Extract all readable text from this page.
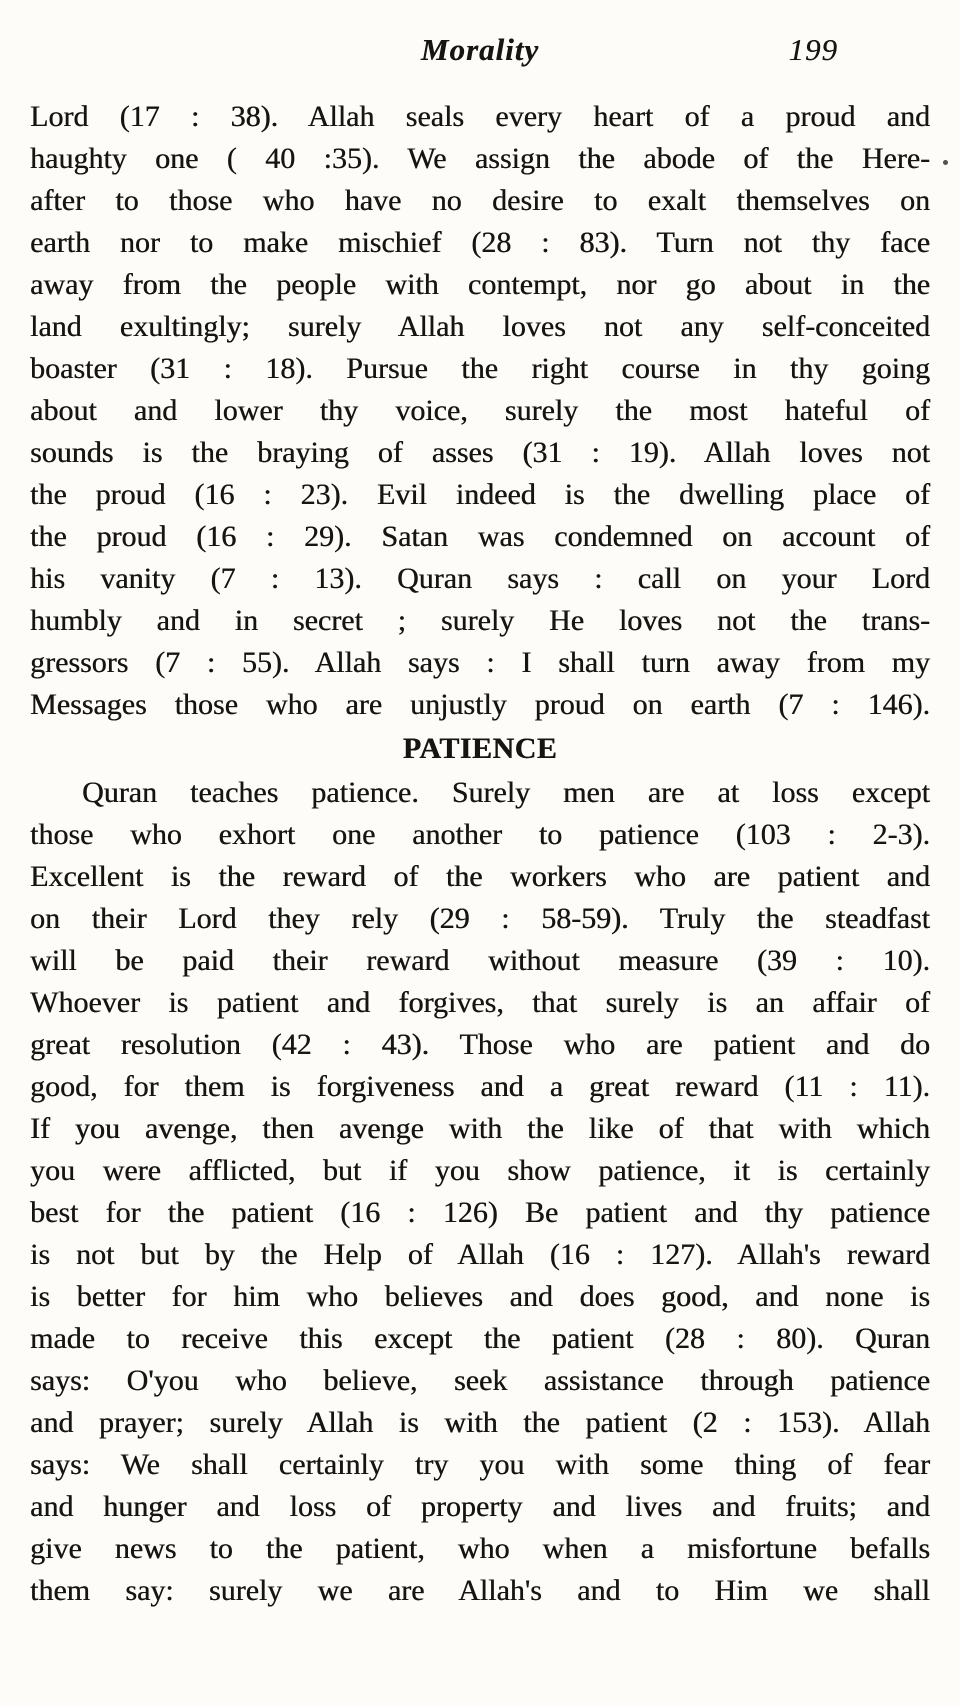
Morality	199
Lord (17 : 38). Allah seals every heart of a proud and
haughty one ( 40 :35). We assign the abode of the Here-
after to those who have no desire to exalt themselves on
earth nor to make mischief (28 : 83). Turn not thy face
away from the people with contempt, nor go about in the
land exultingly; surely Allah loves not any self-conceited
boaster (31 : 18). Pursue the right course in thy going
about and lower thy voice, surely the most hateful of
sounds is the braying of asses (31 : 19). Allah loves not
the proud (16 : 23). Evil indeed is the dwelling place of
the proud (16 : 29). Satan was condemned on account of
his vanity (7 : 13). Quran says : call on your Lord
humbly and in secret ; surely He loves not the trans-
gressors (7 : 55). Allah says : I shall turn away from my
Messages those who are unjustly proud on earth (7 : 146).
PATIENCE
Quran teaches patience. Surely men are at loss except
those who exhort one another to patience (103 : 2-3).
Excellent is the reward of the workers who are patient and
on their Lord they rely (29 : 58-59). Truly the steadfast
will be paid their reward without measure (39 : 10).
Whoever is patient and forgives, that surely is an affair of
great resolution (42 : 43). Those who are patient and do
good, for them is forgiveness and a great reward (11 : 11).
If you avenge, then avenge with the like of that with which
you were afflicted, but if you show patience, it is certainly
best for the patient (16 : 126) Be patient and thy patience
is not but by the Help of Allah (16 : 127). Allah's reward
is better for him who believes and does good, and none is
made to receive this except the patient (28 : 80). Quran
says: O'you who believe, seek assistance through patience
and prayer; surely Allah is with the patient (2 : 153). Allah
says: We shall certainly try you with some thing of fear
and hunger and loss of property and lives and fruits; and
give news to the patient, who when a misfortune befalls
them say: surely we are Allah's and to Him we shall
